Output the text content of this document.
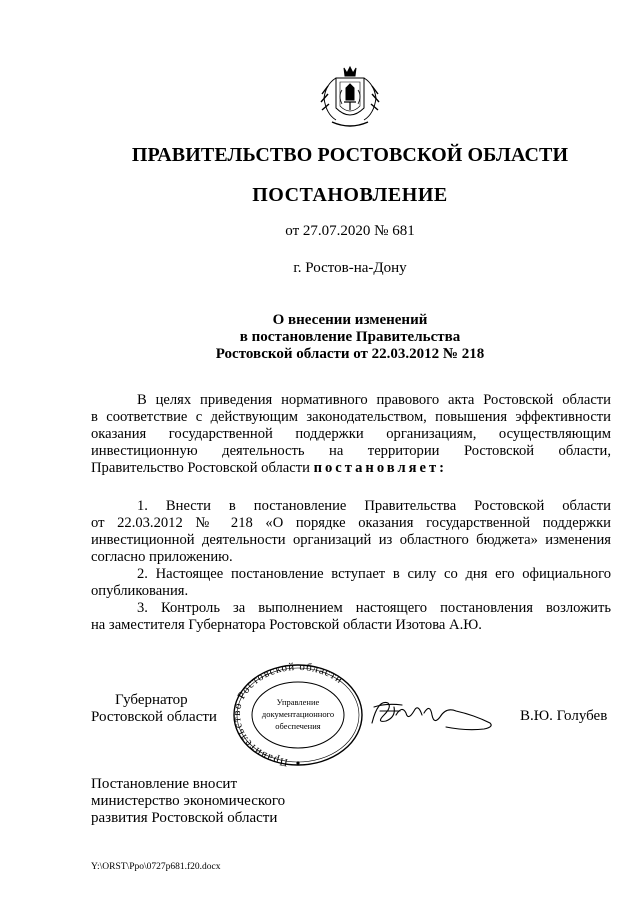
ПРАВИТЕЛЬСТВО РОСТОВСКОЙ ОБЛАСТИ
ПОСТАНОВЛЕНИЕ
от 27.07.2020 № 681
г. Ростов-на-Дону
О внесении изменений
в постановление Правительства
Ростовской области от 22.03.2012 № 218
В целях приведения нормативного правового акта Ростовской области
в соответствие с действующим законодательством, повышения эффективности
оказания государственной поддержки организациям, осуществляющим
инвестиционную деятельность на территории Ростовской области,
Правительство Ростовской области постановляет:
1. Внести в постановление Правительства Ростовской области
от 22.03.2012 № 218 «О порядке оказания государственной поддержки
инвестиционной деятельности организаций из областного бюджета» изменения
согласно приложению.
2. Настоящее постановление вступает в силу со дня его официального
опубликования.
3. Контроль за выполнением настоящего постановления возложить
на заместителя Губернатора Ростовской области Изотова А.Ю.
Губернатор
Ростовской области
Правительство Ростовской области
Управление
документационного
обеспечения
В.Ю. Голубев
Постановление вносит
министерство экономического
развития Ростовской области
Y:\ORST\Ppo\0727p681.f20.docx
